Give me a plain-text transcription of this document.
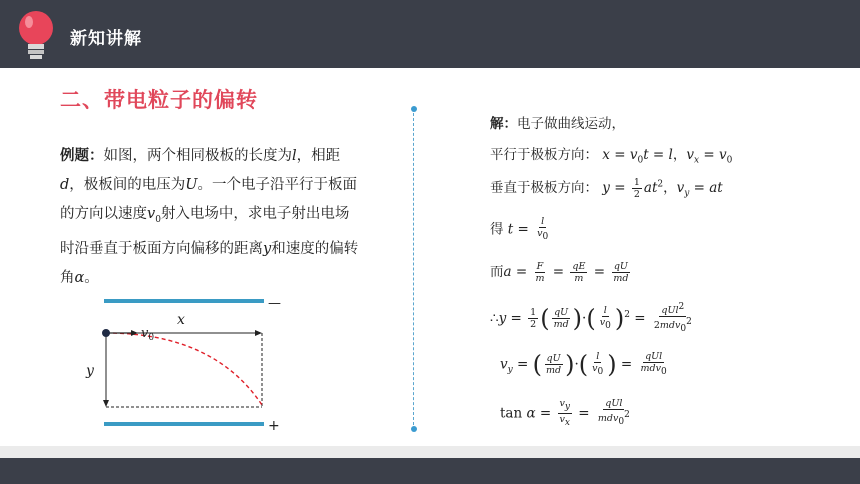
新知讲解
二、带电粒子的偏转
例题：如图，两个相同极板的长度为l，相距d，极板间的电压为U。一个电子沿平行于板面的方向以速度$v_0$射入电场中，求电子射出电场时沿垂直于板面方向偏移的距离y和速度的偏转角α。
—
+
x
y
$v_0$
解：电子做曲线运动，
平行于极板方向： $x = v_0t = l$，$v_x = v_0$
垂直于极板方向： $y = \frac{1}{2} at^2$，$v_y$ = at
得 $t = \frac{l}{v_0}$
而$a = \frac{F}{m} = \frac{qE}{m} = \frac{qU}{md}$
∴y = $\frac{1}{2}$ ( $\frac{qU}{md}$ )·( $\frac{l}{v_0} )^2 = \frac{qUl^2}{2mdv_0^2}$
$v_y$ = ( $\frac{qU}{md}$ )·( $\frac{l}{v_0}$ ) = $\frac{\text{qUl}}{mdv_0}$
$\tan \alpha = \frac{v_y}{v_x} = \frac{\text{qUl}}{mdv_0^2}$
